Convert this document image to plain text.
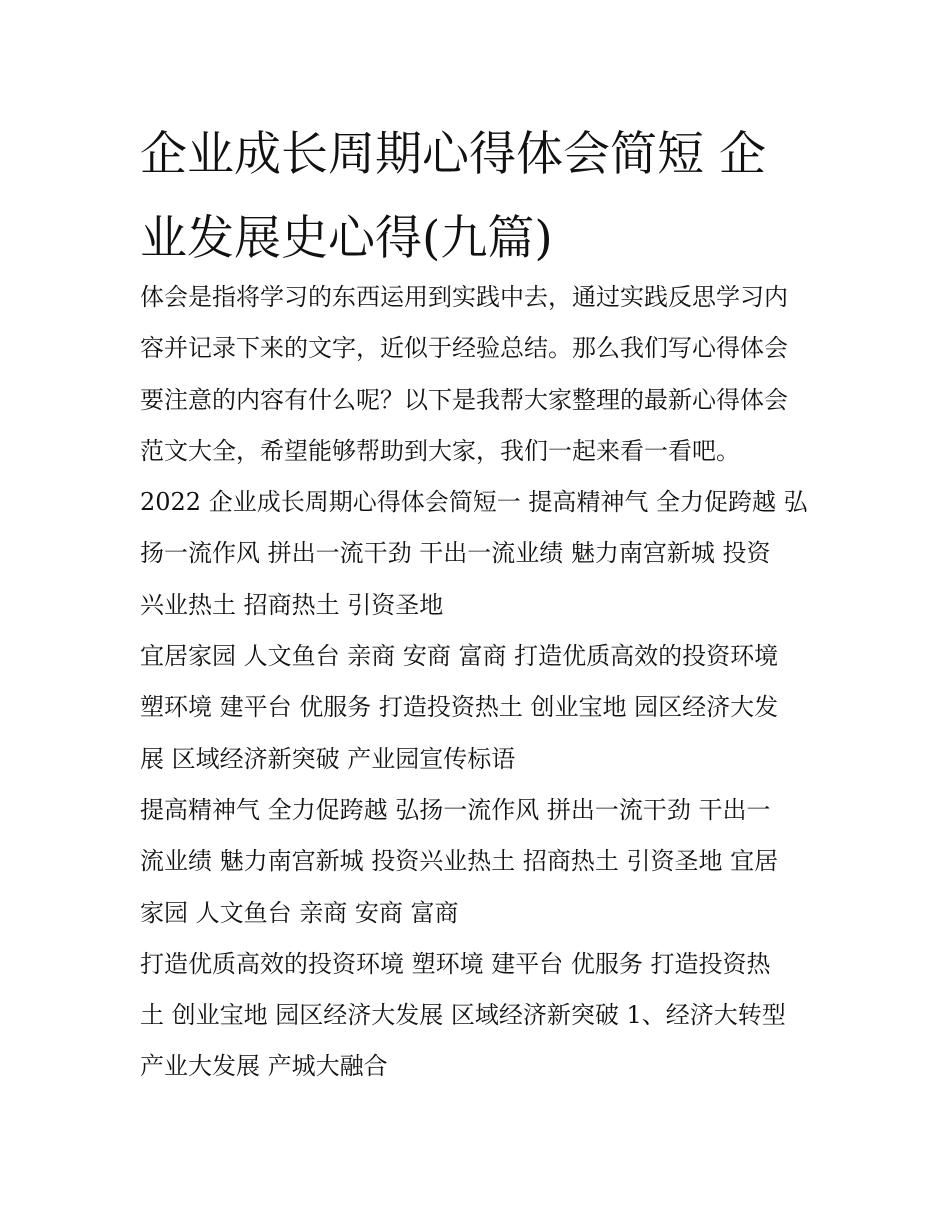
企业成长周期心得体会简短 企
业发展史心得(九篇)
体会是指将学习的东西运用到实践中去，通过实践反思学习内
容并记录下来的文字，近似于经验总结。那么我们写心得体会
要注意的内容有什么呢？以下是我帮大家整理的最新心得体会
范文大全，希望能够帮助到大家，我们一起来看一看吧。
2022 企业成长周期心得体会简短一 提高精神气 全力促跨越 弘
扬一流作风 拼出一流干劲 干出一流业绩 魅力南宫新城 投资
兴业热土 招商热土 引资圣地
宜居家园 人文鱼台 亲商 安商 富商 打造优质高效的投资环境
塑环境 建平台 优服务 打造投资热土 创业宝地 园区经济大发
展 区域经济新突破 产业园宣传标语
提高精神气 全力促跨越 弘扬一流作风 拼出一流干劲 干出一
流业绩 魅力南宫新城 投资兴业热土 招商热土 引资圣地 宜居
家园 人文鱼台 亲商 安商 富商
打造优质高效的投资环境 塑环境 建平台 优服务 打造投资热
土 创业宝地 园区经济大发展 区域经济新突破 1、经济大转型
产业大发展 产城大融合
